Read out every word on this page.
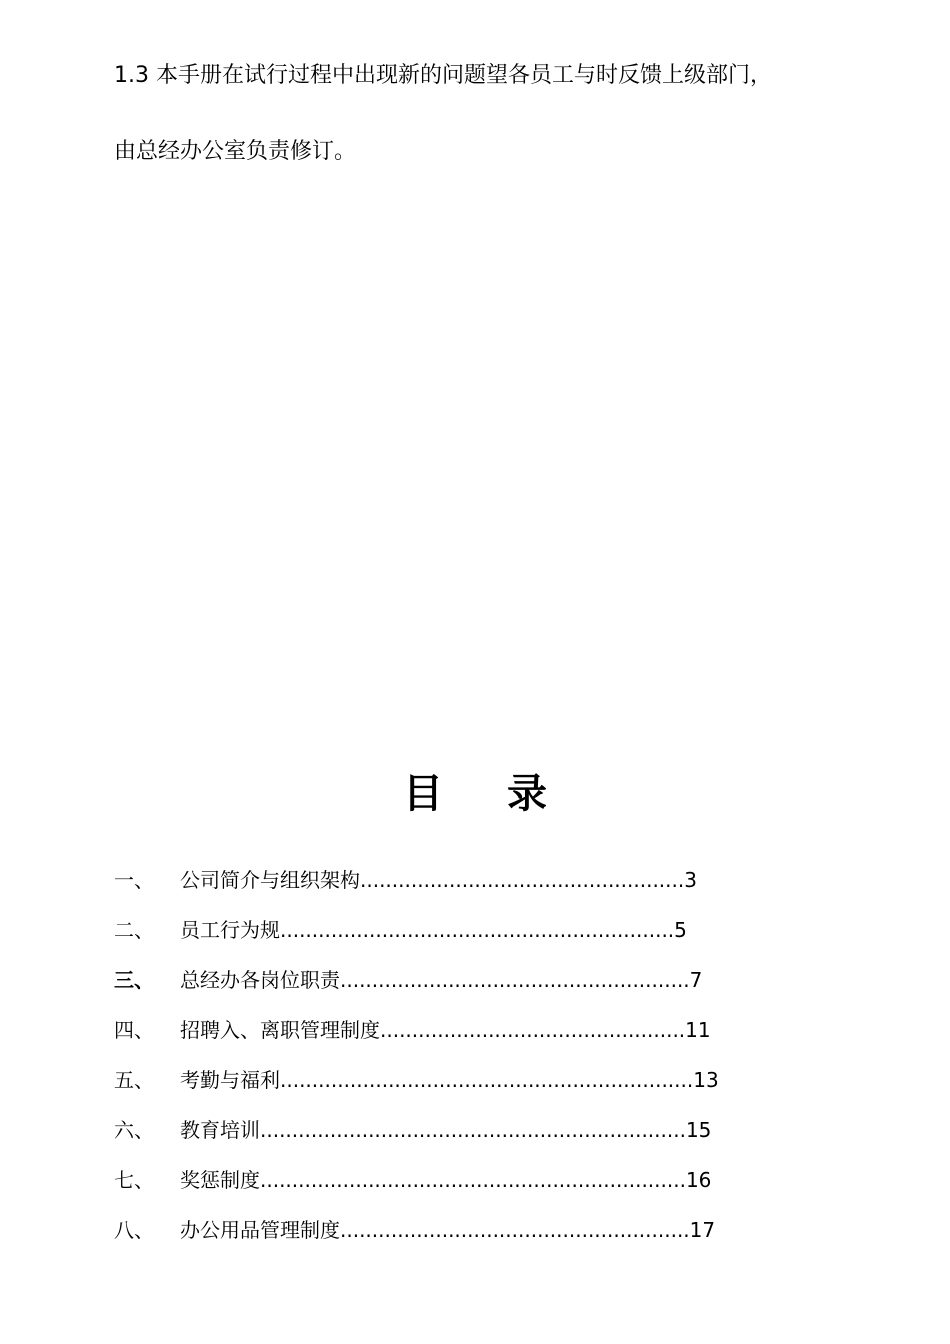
1.3 本手册在试行过程中出现新的问题望各员工与时反馈上级部门，
由总经办公室负责修订。
目录
一、	公司简介与组织架构 ................................................... 3
二、	员工行为规 .............................................................. 5
三、	总经办各岗位职责 ....................................................... 7
四、	招聘入、离职管理制度 ................................................ 11
五、	考勤与福利 ................................................................. 13
六、	教育培训 ................................................................... 15
七、	奖惩制度 ................................................................... 16
八、	办公用品管理制度 ....................................................... 17
